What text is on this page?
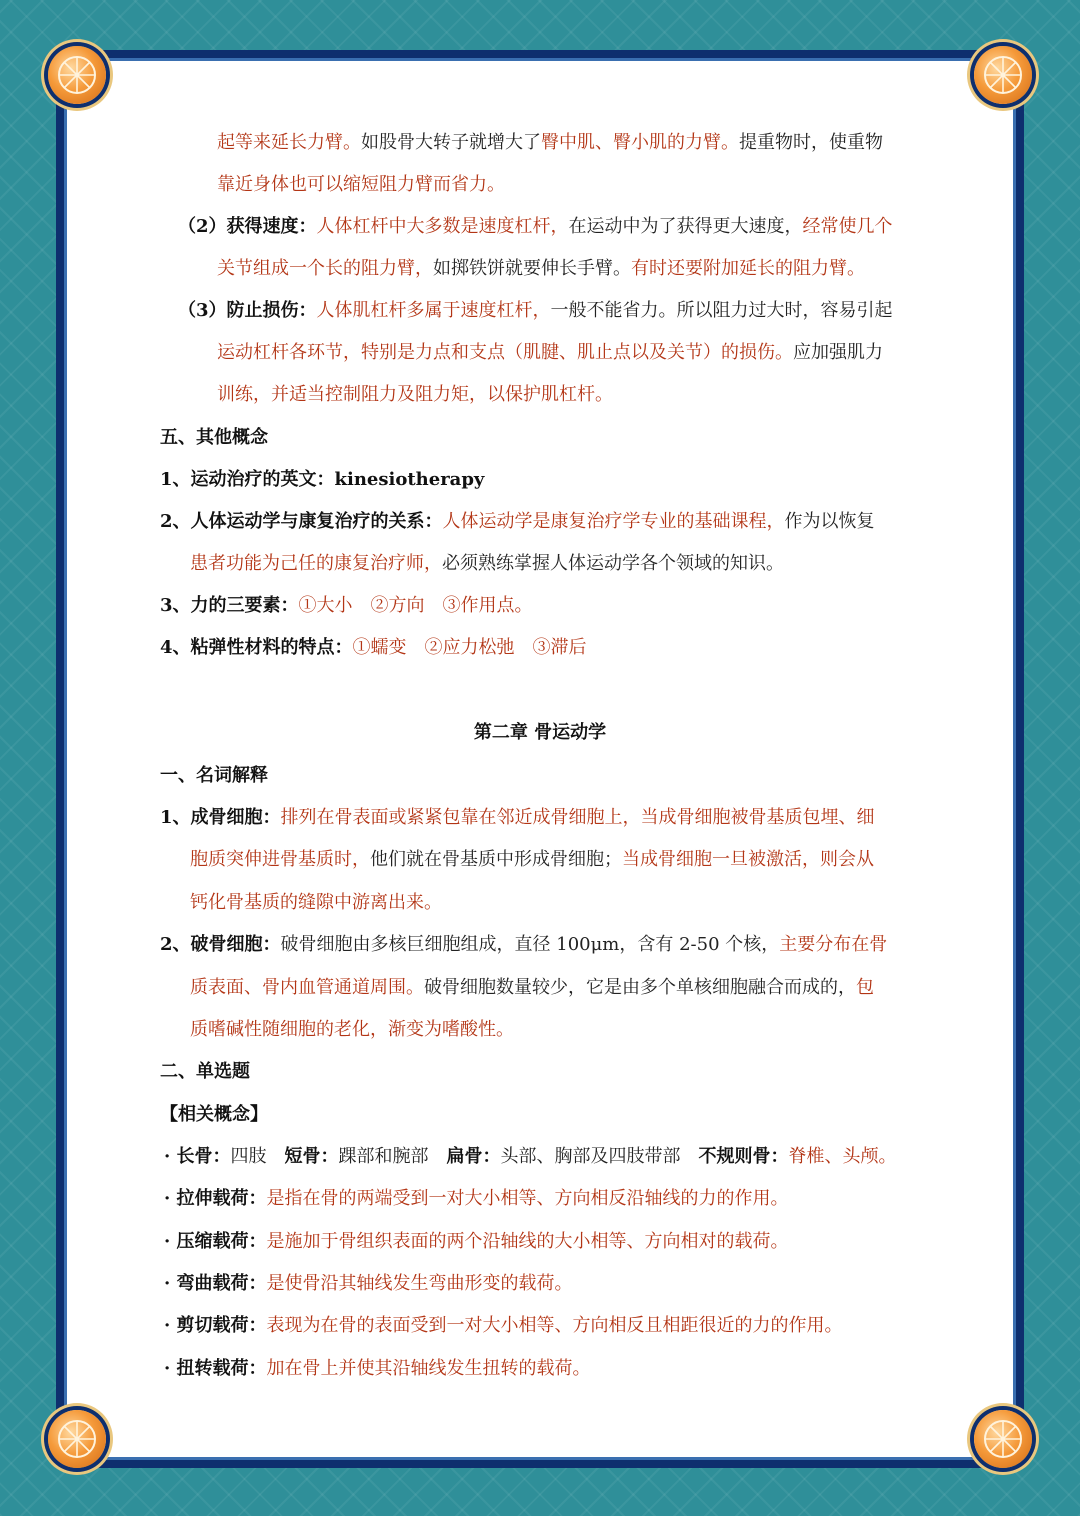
起等来延长力臂。如股骨大转子就增大了臀中肌、臀小肌的力臂。提重物时，使重物
靠近身体也可以缩短阻力臂而省力。
（2）获得速度：人体杠杆中大多数是速度杠杆，在运动中为了获得更大速度，经常使几个
关节组成一个长的阻力臂，如掷铁饼就要伸长手臂。有时还要附加延长的阻力臂。
（3）防止损伤：人体肌杠杆多属于速度杠杆，一般不能省力。所以阻力过大时，容易引起
运动杠杆各环节，特别是力点和支点（肌腱、肌止点以及关节）的损伤。应加强肌力
训练，并适当控制阻力及阻力矩，以保护肌杠杆。
五、其他概念
1、运动治疗的英文：kinesiotherapy
2、人体运动学与康复治疗的关系：人体运动学是康复治疗学专业的基础课程，作为以恢复
患者功能为己任的康复治疗师，必须熟练掌握人体运动学各个领域的知识。
3、力的三要素：①大小　②方向　③作用点。
4、粘弹性材料的特点：①蠕变　②应力松弛　③滞后
第二章 骨运动学
一、名词解释
1、成骨细胞：排列在骨表面或紧紧包靠在邻近成骨细胞上，当成骨细胞被骨基质包埋、细
胞质突伸进骨基质时，他们就在骨基质中形成骨细胞；当成骨细胞一旦被激活，则会从
钙化骨基质的缝隙中游离出来。
2、破骨细胞：破骨细胞由多核巨细胞组成，直径 100μm，含有 2-50 个核，主要分布在骨
质表面、骨内血管通道周围。破骨细胞数量较少，它是由多个单核细胞融合而成的，包
质嗜碱性随细胞的老化，渐变为嗜酸性。
二、单选题
【相关概念】
· 长骨：四肢　短骨：踝部和腕部　扁骨：头部、胸部及四肢带部　不规则骨：脊椎、头颅。
· 拉伸载荷：是指在骨的两端受到一对大小相等、方向相反沿轴线的力的作用。
· 压缩载荷：是施加于骨组织表面的两个沿轴线的大小相等、方向相对的载荷。
· 弯曲载荷：是使骨沿其轴线发生弯曲形变的载荷。
· 剪切载荷：表现为在骨的表面受到一对大小相等、方向相反且相距很近的力的作用。
· 扭转载荷：加在骨上并使其沿轴线发生扭转的载荷。
